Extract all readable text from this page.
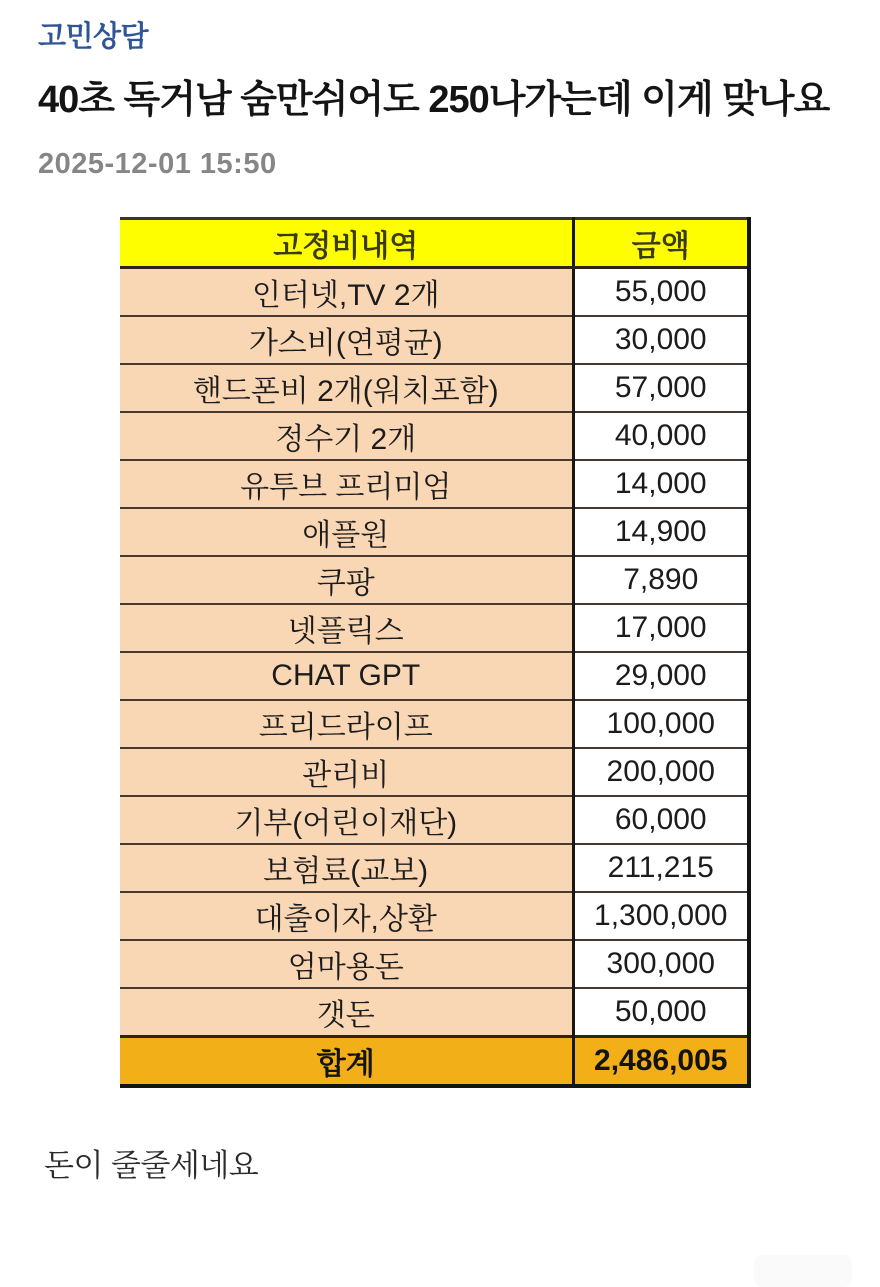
고민상담
40초 독거남 숨만쉬어도 250나가는데 이게 맞나요
2025-12-01 15:50
고정비내역	금액
인터넷,TV 2개	55,000
가스비(연평균)	30,000
핸드폰비 2개(워치포함)	57,000
정수기 2개	40,000
유투브 프리미엄	14,000
애플원	14,900
쿠팡	7,890
넷플릭스	17,000
CHAT GPT	29,000
프리드라이프	100,000
관리비	200,000
기부(어린이재단)	60,000
보험료(교보)	211,215
대출이자,상환	1,300,000
엄마용돈	300,000
갯돈	50,000
합계	2,486,005
돈이 줄줄세네요
